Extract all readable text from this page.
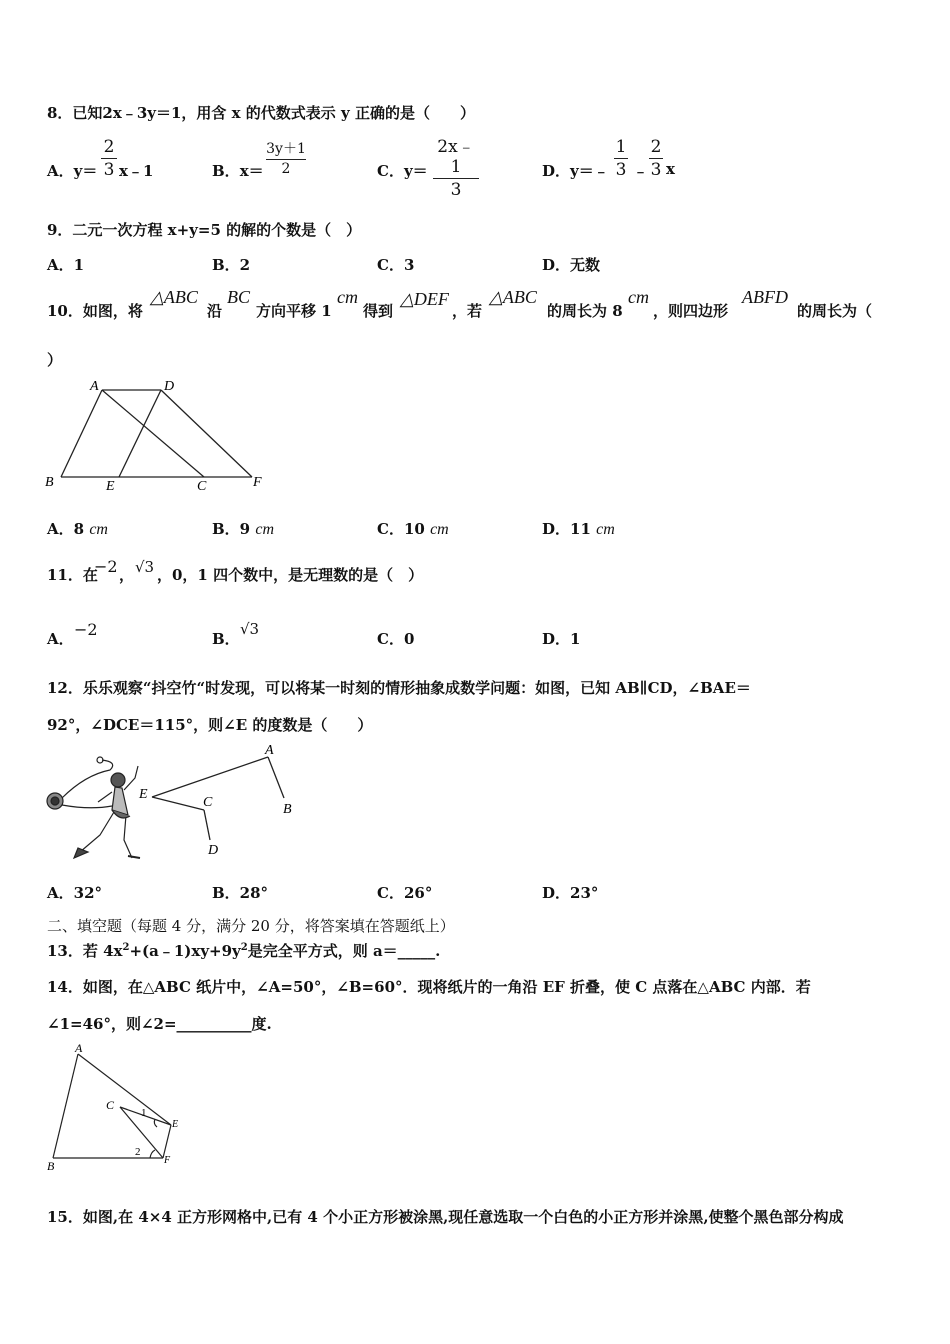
8．已知2x﹣3y＝1，用含 x 的代数式表示 y 正确的是（　　）
A．y＝
2
3 x﹣1	B．x＝
3y＋1
2	C．y＝
2x﹣1
3
D．y＝﹣
1
3 ﹣
2
3 x
9．二元一次方程 x+y=5 的解的个数是（　）
A．1	B．2	C．3	D．无数
10．如图，将
△ABC
沿
BC
方向平移 1
cm
得到
△DEF
，若
△ABC
的周长为 8
cm
，则四边形
ABFD
的周长为（
）
A	D
B	E	C	F
A．8 cm	B．9 cm	C．10 cm	D．11 cm
11．在
−2 ， √3 ，0，1 四个数中，是无理数的是（　）
A． −2	B．
√3
C．0	D．1
12．乐乐观察“抖空竹“时发现，可以将某一时刻的情形抽象成数学问题：如图，已知 AB∥CD，∠BAE＝
92°，∠DCE＝115°，则∠E 的度数是（　　）
A
B
E
C
D
A．32°	B．28°	C．26°	D．23°
二、填空题（每题 4 分，满分 20 分，将答案填在答题纸上）
13．若 $4x^2+(a﹣1)xy+9y^2$是完全平方式，则 a＝_____.
14．如图，在△ABC 纸片中，∠A=50°，∠B=60°．现将纸片的一角沿 EF 折叠，使 C 点落在△ABC 内部．若
∠1=46°，则∠2=__________度.
A
B
C
E
F
1
2
15．如图,在 4×4 正方形网格中,已有 4 个小正方形被涂黑,现任意选取一个白色的小正方形并涂黑,使整个黑色部分构成
